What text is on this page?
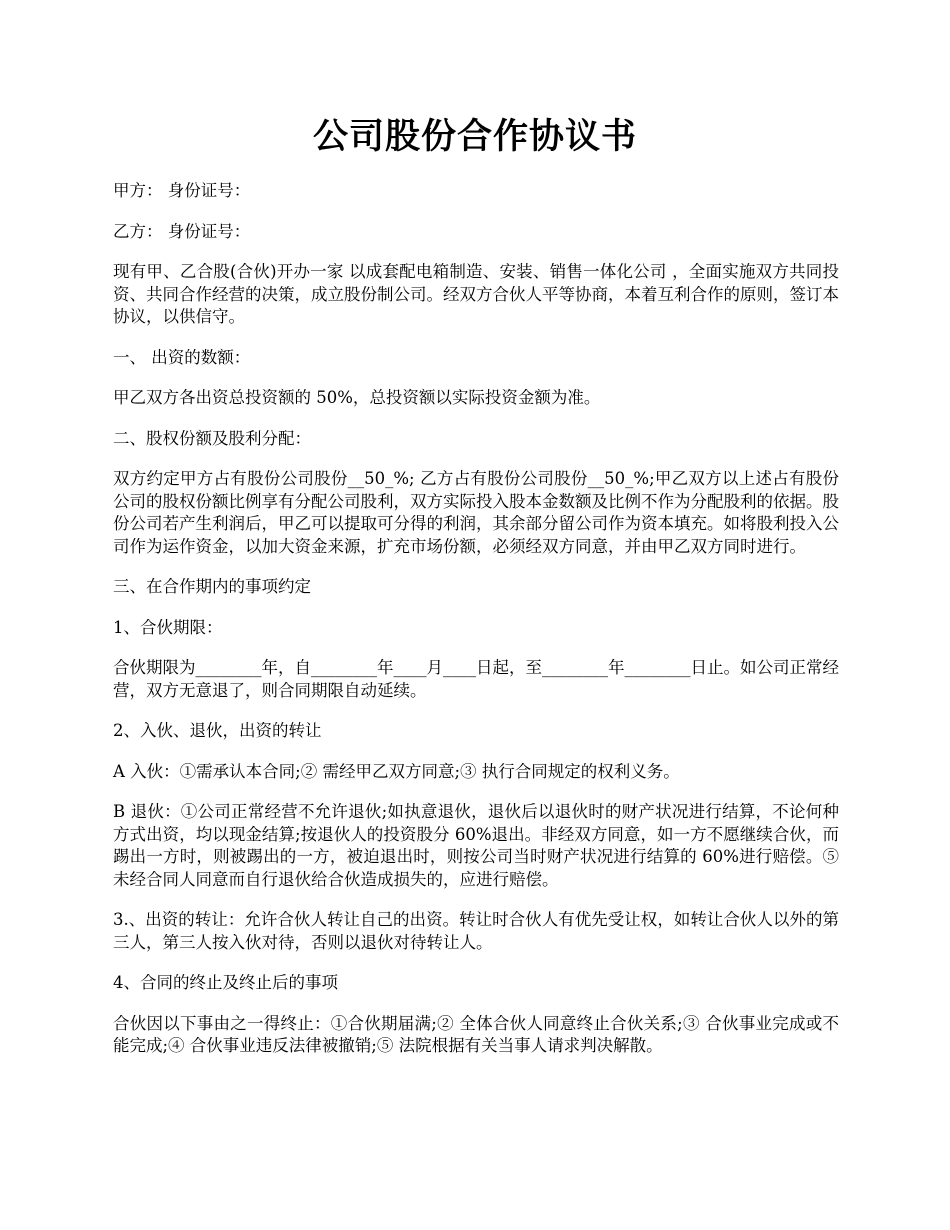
公司股份合作协议书

甲方： 身份证号：

乙方： 身份证号：

现有甲、乙合股(合伙)开办一家 以成套配电箱制造、安装、销售一体化公司 ，全面实施双方共同投资、共同合作经营的决策，成立股份制公司。经双方合伙人平等协商，本着互利合作的原则，签订本协议，以供信守。

一、 出资的数额：

甲乙双方各出资总投资额的 50%，总投资额以实际投资金额为准。

二、股权份额及股利分配：

双方约定甲方占有股份公司股份__50_%; 乙方占有股份公司股份__50_%;甲乙双方以上述占有股份公司的股权份额比例享有分配公司股利，双方实际投入股本金数额及比例不作为分配股利的依据。股份公司若产生利润后，甲乙可以提取可分得的利润，其余部分留公司作为资本填充。如将股利投入公司作为运作资金，以加大资金来源，扩充市场份额，必须经双方同意，并由甲乙双方同时进行。

三、在合作期内的事项约定

1、合伙期限：

合伙期限为________年，自________年____月____日起，至________年________日止。如公司正常经营，双方无意退了，则合同期限自动延续。

2、入伙、退伙，出资的转让

A 入伙：①需承认本合同;② 需经甲乙双方同意;③ 执行合同规定的权利义务。

B 退伙：①公司正常经营不允许退伙;如执意退伙，退伙后以退伙时的财产状况进行结算，不论何种方式出资，均以现金结算;按退伙人的投资股分 60%退出。非经双方同意，如一方不愿继续合伙，而踢出一方时，则被踢出的一方，被迫退出时，则按公司当时财产状况进行结算的 60%进行赔偿。⑤未经合同人同意而自行退伙给合伙造成损失的，应进行赔偿。

3.、出资的转让：允许合伙人转让自己的出资。转让时合伙人有优先受让权，如转让合伙人以外的第三人，第三人按入伙对待，否则以退伙对待转让人。

4、合同的终止及终止后的事项

合伙因以下事由之一得终止：①合伙期届满;② 全体合伙人同意终止合伙关系;③ 合伙事业完成或不能完成;④ 合伙事业违反法律被撤销;⑤ 法院根据有关当事人请求判决解散。
